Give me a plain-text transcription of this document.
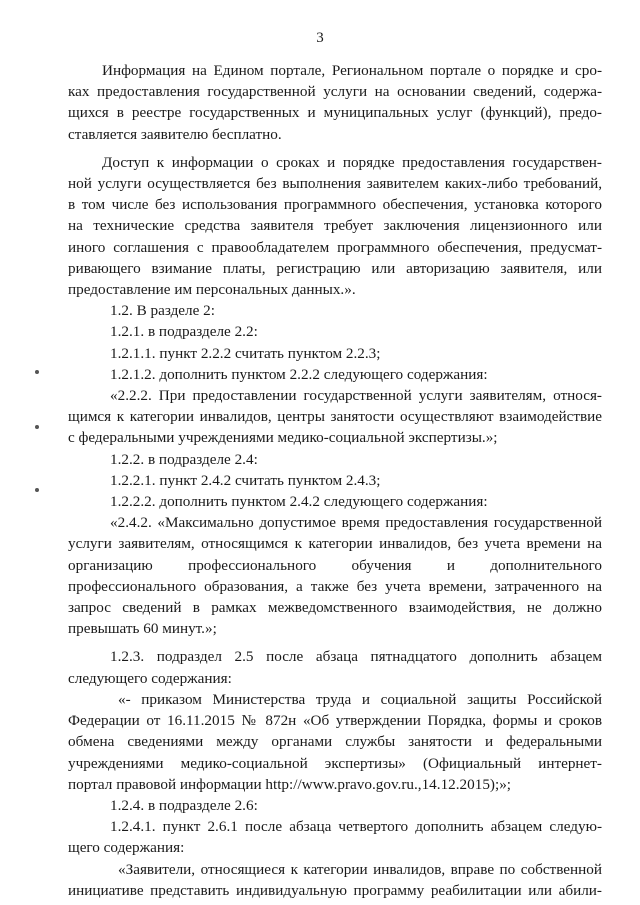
3

Информация на Едином портале, Региональном портале о порядке и сро-

ках предоставления государственной услуги на основании сведений, содержа-

щихся в реестре государственных и муниципальных услуг (функций), предо-

ставляется заявителю бесплатно.

Доступ к информации о сроках и порядке предоставления государствен-

ной услуги осуществляется без выполнения заявителем каких-либо требований,

в том числе без использования программного обеспечения, установка которого

на технические средства заявителя требует заключения лицензионного или

иного соглашения с правообладателем программного обеспечения, предусмат-

ривающего взимание платы, регистрацию или авторизацию заявителя, или

предоставление им персональных данных.».

1.2. В разделе 2:

1.2.1. в подразделе 2.2:

1.2.1.1. пункт 2.2.2 считать пунктом 2.2.3;

1.2.1.2. дополнить пунктом 2.2.2 следующего содержания:

«2.2.2. При предоставлении государственной услуги заявителям, относя-

щимся к категории инвалидов, центры занятости осуществляют взаимодействие

с федеральными учреждениями медико-социальной экспертизы.»;

1.2.2. в подразделе 2.4:

1.2.2.1. пункт 2.4.2 считать пунктом 2.4.3;

1.2.2.2. дополнить пунктом 2.4.2 следующего содержания:

«2.4.2. «Максимально допустимое время предоставления государственной

услуги заявителям, относящимся к категории инвалидов, без учета времени на

организацию профессионального обучения и дополнительного

профессионального образования, а также без учета времени, затраченного на

запрос сведений в рамках межведомственного взаимодействия, не должно

превышать 60 минут.»;

1.2.3. подраздел 2.5 после абзаца пятнадцатого дополнить абзацем

следующего содержания:

«- приказом Министерства труда и социальной защиты Российской

Федерации от 16.11.2015 № 872н «Об утверждении Порядка, формы и сроков

обмена сведениями между органами службы занятости и федеральными

учреждениями медико-социальной экспертизы» (Официальный интернет-

портал правовой информации http://www.pravo.gov.ru.,14.12.2015);»;

1.2.4. в подразделе 2.6:

1.2.4.1. пункт 2.6.1 после абзаца четвертого дополнить абзацем следую-

щего содержания:

«Заявители, относящиеся к категории инвалидов, вправе по собственной

инициативе представить индивидуальную программу реабилитации или абили-
